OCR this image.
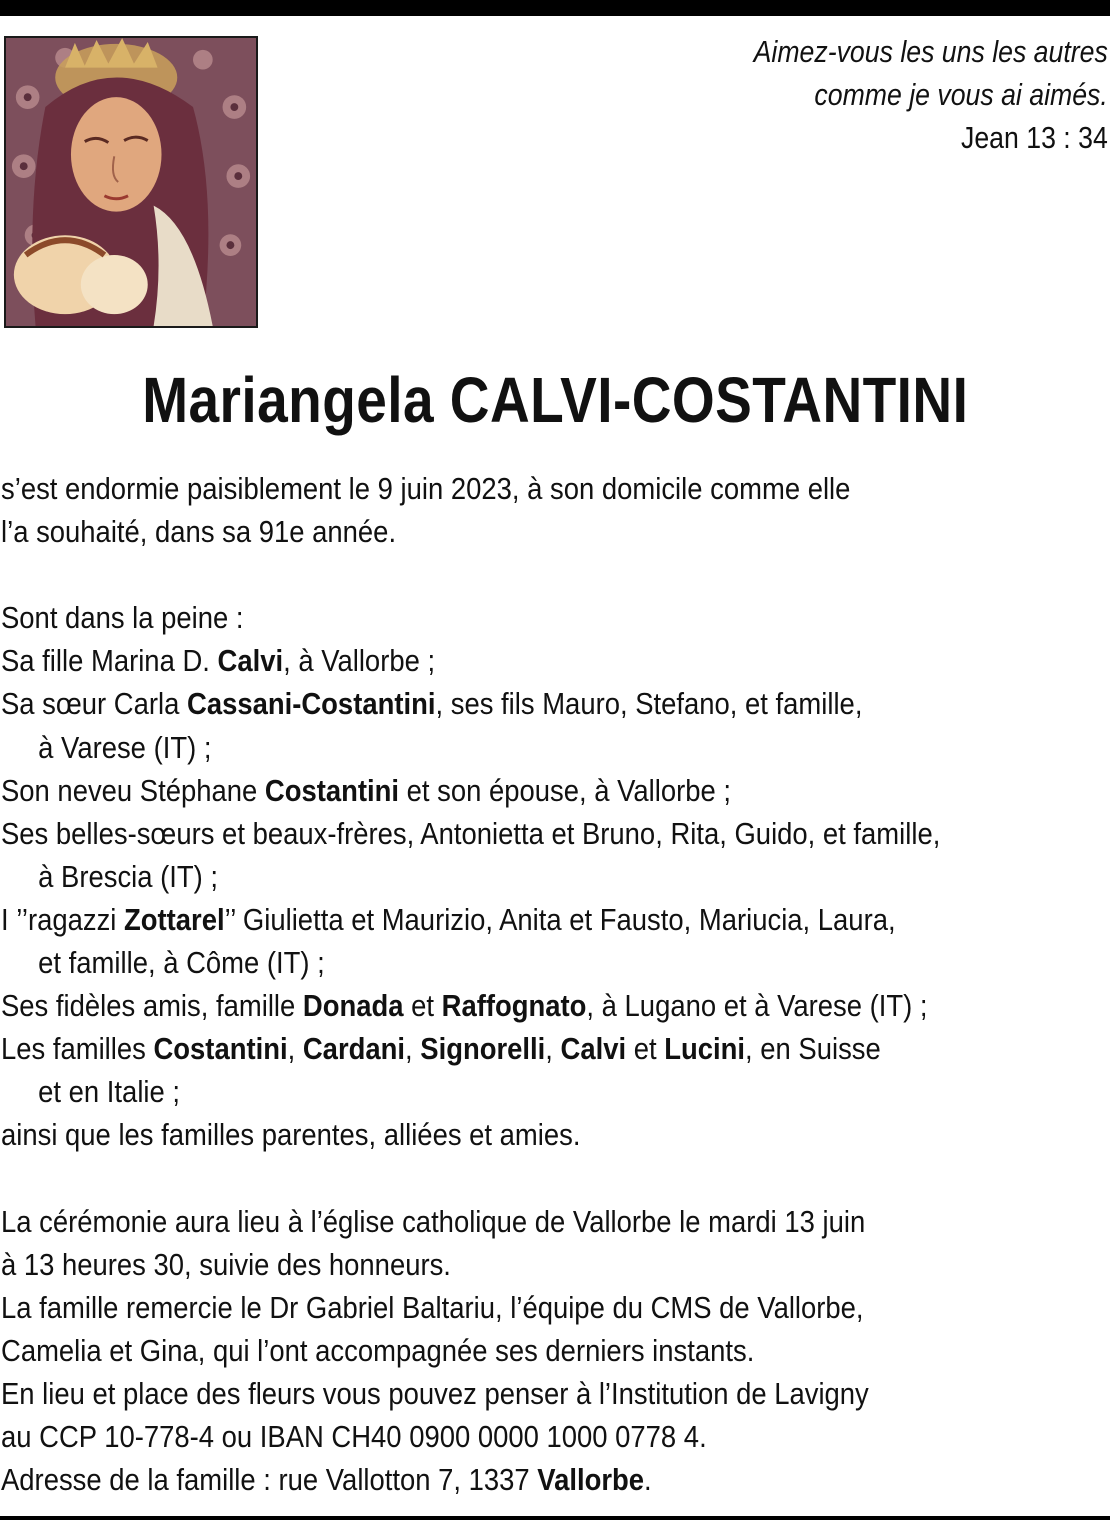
Aimez-vous les uns les autres
comme je vous ai aimés.
Jean 13 : 34
Mariangela CALVI-COSTANTINI
s’est endormie paisiblement le 9 juin 2023, à son domicile comme elle
l’a souhaité, dans sa 91e année.
Sont dans la peine :
Sa fille Marina D. Calvi, à Vallorbe ;
Sa sœur Carla Cassani-Costantini, ses fils Mauro, Stefano, et famille,
à Varese (IT) ;
Son neveu Stéphane Costantini et son épouse, à Vallorbe ;
Ses belles-sœurs et beaux-frères, Antonietta et Bruno, Rita, Guido, et famille,
à Brescia (IT) ;
I ’’ragazzi Zottarel’’ Giulietta et Maurizio, Anita et Fausto, Mariucia, Laura,
et famille, à Côme (IT) ;
Ses fidèles amis, famille Donada et Raffognato, à Lugano et à Varese (IT) ;
Les familles Costantini, Cardani, Signorelli, Calvi et Lucini, en Suisse
et en Italie ;
ainsi que les familles parentes, alliées et amies.
La cérémonie aura lieu à l’église catholique de Vallorbe le mardi 13 juin
à 13 heures 30, suivie des honneurs.
La famille remercie le Dr Gabriel Baltariu, l’équipe du CMS de Vallorbe,
Camelia et Gina, qui l’ont accompagnée ses derniers instants.
En lieu et place des fleurs vous pouvez penser à l’Institution de Lavigny
au CCP 10-778-4 ou IBAN CH40 0900 0000 1000 0778 4.
Adresse de la famille : rue Vallotton 7, 1337 Vallorbe.
